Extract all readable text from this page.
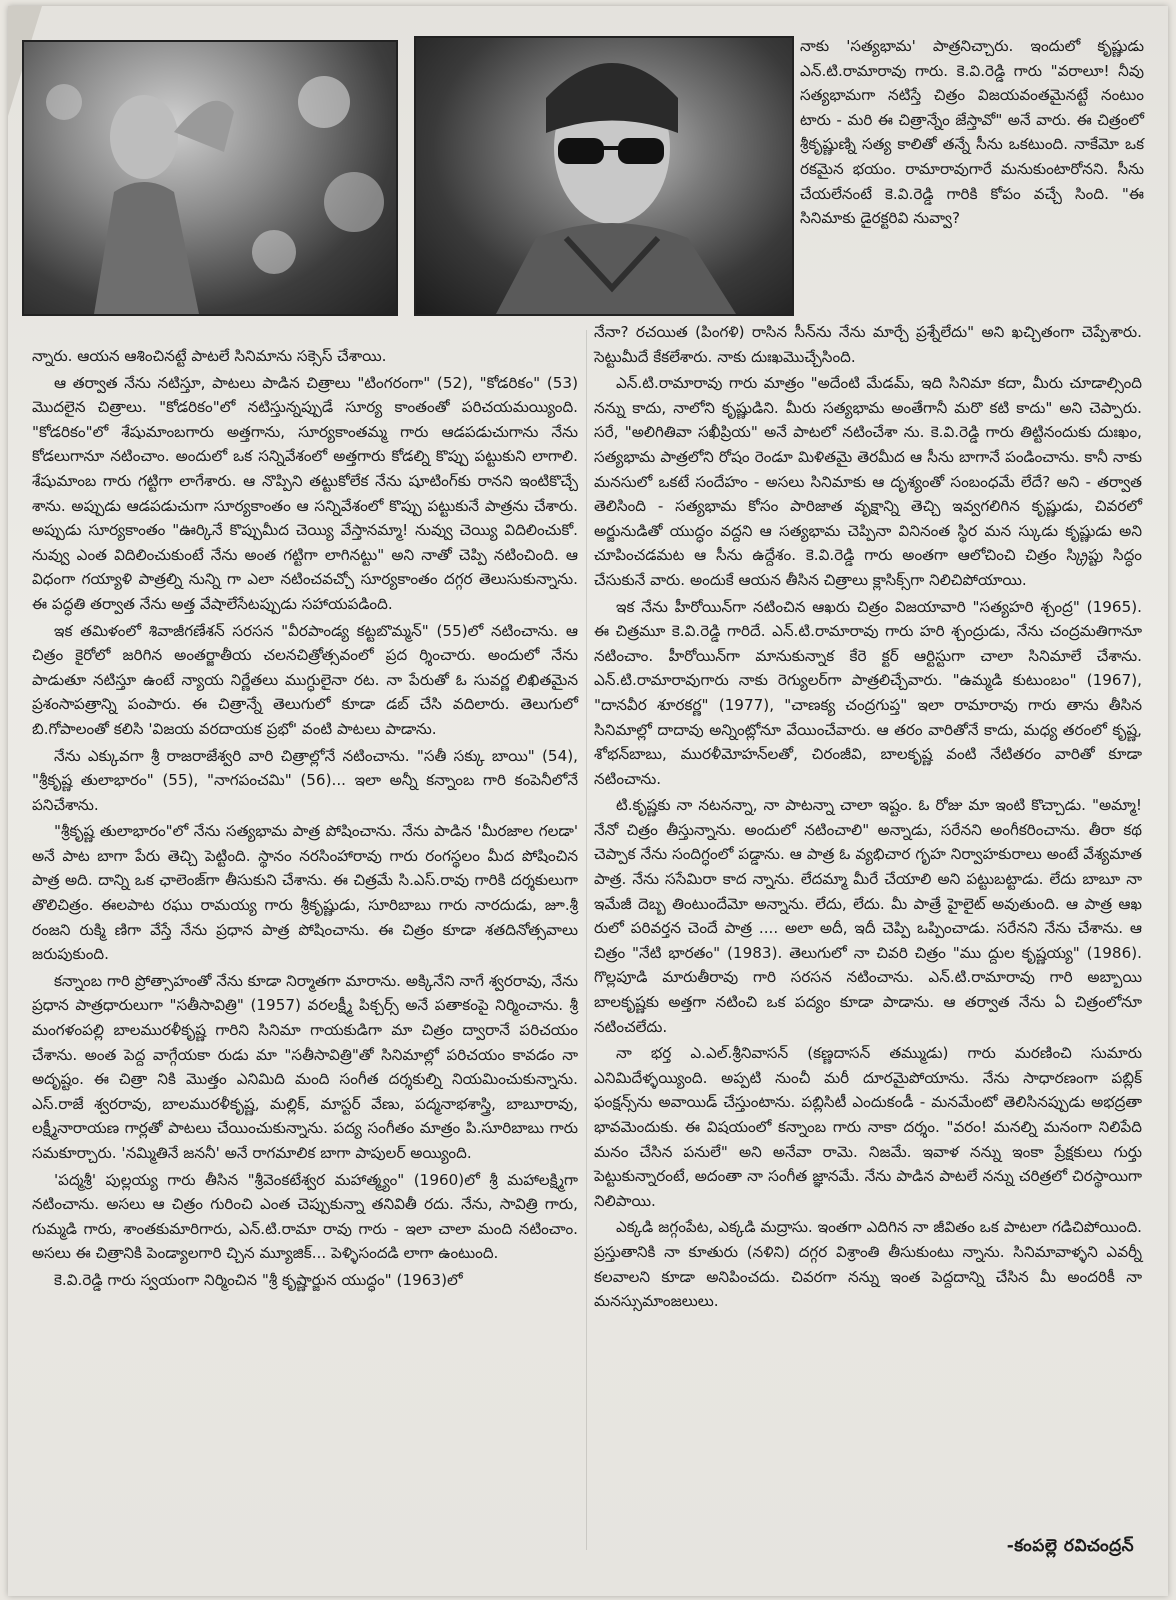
నాకు 'సత్యభామ' పాత్రనిచ్చారు. ఇందులో కృష్ణుడు ఎన్.టి.రామారావు గారు. కె.వి.రెడ్డి గారు "వరాలూ! నీవు సత్యభామగా నటిస్తే చిత్రం విజయవంతమైనట్టే నంటుం టారు - మరి ఈ చిత్రాన్నేం జేస్తావో" అనే వారు. ఈ చిత్రంలో శ్రీకృష్ణుణ్ని సత్య కాలితో తన్నే సీను ఒకటుంది. నాకేమో ఒక రకమైన భయం. రామారావుగారే మనుకుంటారోనని. సీను చేయలేనంటే కె.వి.రెడ్డి గారికి కోపం వచ్చే సింది. "ఈ సినిమాకు డైరక్టరివి నువ్వా?

న్నారు. ఆయన ఆశించినట్టే పాటలే సినిమాను సక్సెస్ చేశాయి.

ఆ తర్వాత నేను నటిస్తూ, పాటలు పాడిన చిత్రాలు "టింగరంగా" (52), "కోడరికం" (53) మొదలైన చిత్రాలు. "కోడరికం"లో నటిస్తున్నప్పుడే సూర్య కాంతంతో పరిచయమయ్యింది. "కోడరికం"లో శేషుమాంబగారు అత్తగాను, సూర్యకాంతమ్మ గారు ఆడపడుచుగాను నేను కోడలుగానూ నటించాం. అందులో ఒక సన్నివేశంలో అత్తగారు కోడల్ని కొప్పు పట్టుకుని లాగాలి. శేషుమాంబ గారు గట్టిగా లాగేశారు. ఆ నొప్పిని తట్టుకోలేక నేను షూటింగ్‌కు రానని ఇంటికొచ్చే శాను. అప్పుడు ఆడపడుచుగా సూర్యకాంతం ఆ సన్నివేశంలో కొప్పు పట్టుకునే పాత్రను చేశారు. అప్పుడు సూర్యకాంతం "ఊర్కినే కొప్పుమీద చెయ్యి వేస్తానమ్మా! నువ్వు చెయ్యి విదిలించుకో. నువ్వు ఎంత విదిలించుకుంటే నేను అంత గట్టిగా లాగినట్టు" అని నాతో చెప్పి నటించింది. ఆ విధంగా గయ్యాళి పాత్రల్ని నున్ని గా ఎలా నటించవచ్చో సూర్యకాంతం దగ్గర తెలుసుకున్నాను. ఈ పద్ధతి తర్వాత నేను అత్త వేషాలేసేటప్పుడు సహాయపడింది.

ఇక తమిళంలో శివాజీగణేశన్ సరసన "వీరపాండ్య కట్టబొమ్మన్" (55)లో నటించాను. ఆ చిత్రం కైరోలో జరిగిన అంతర్జాతీయ చలనచిత్రోత్సవంలో ప్రద ర్శించారు. అందులో నేను పాడుతూ నటిస్తూ ఉంటే న్యాయ నిర్ణేతలు ముగ్ధులైనా రట. నా పేరుతో ఓ సువర్ణ లిఖితమైన ప్రశంసాపత్రాన్ని పంపారు. ఈ చిత్రాన్నే తెలుగులో కూడా డబ్ చేసి వదిలారు. తెలుగులో బి.గోపాలంతో కలిసి 'విజయ వరదాయక ప్రభో' వంటి పాటలు పాడాను.

నేను ఎక్కువగా శ్రీ రాజరాజేశ్వరి వారి చిత్రాల్లోనే నటించాను. "సతీ సక్కు బాయి" (54), "శ్రీకృష్ణ తులాభారం" (55), "నాగపంచమి" (56)... ఇలా అన్నీ కన్నాంబ గారి కంపెనీలోనే పనిచేశాను.

"శ్రీకృష్ణ తులాభారం"లో నేను సత్యభామ పాత్ర పోషించాను. నేను పాడిన 'మీరజాల గలడా' అనే పాట బాగా పేరు తెచ్చి పెట్టింది. స్థానం నరసింహారావు గారు రంగస్థలం మీద పోషించిన పాత్ర అది. దాన్ని ఒక ఛాలెంజ్‌గా తీసుకుని చేశాను. ఈ చిత్రమే సి.ఎస్.రావు గారికి దర్శకులుగా తొలిచిత్రం. ఈలపాట రఘు రామయ్య గారు శ్రీకృష్ణుడు, సూరిబాబు గారు నారదుడు, జూ.శ్రీ రంజని రుక్మి ణిగా వేస్తే నేను ప్రధాన పాత్ర పోషించాను. ఈ చిత్రం కూడా శతదినోత్సవాలు జరుపుకుంది.

కన్నాంబ గారి ప్రోత్సాహంతో నేను కూడా నిర్మాతగా మారాను. అక్కినేని నాగే శ్వరరావు, నేను ప్రధాన పాత్రధారులుగా "సతీసావిత్రి" (1957) వరలక్ష్మీ పిక్చర్స్ అనే పతాకంపై నిర్మించాను. శ్రీ మంగళంపల్లి బాలమురళీకృష్ణ గారిని సినిమా గాయకుడిగా మా చిత్రం ద్వారానే పరిచయం చేశాను. అంత పెద్ద వాగ్గేయకా రుడు మా "సతీసావిత్రి"తో సినిమాల్లో పరిచయం కావడం నా అదృష్టం. ఈ చిత్రా నికి మొత్తం ఎనిమిది మంది సంగీత దర్శకుల్ని నియమించుకున్నాను. ఎస్.రాజే శ్వరరావు, బాలమురళీకృష్ణ, మల్లిక్, మాస్టర్ వేణు, పద్మనాభశాస్త్రి, బాబూరావు, లక్ష్మీనారాయణ గార్లతో పాటలు చేయించుకున్నాను. పద్య సంగీతం మాత్రం పి.సూరిబాబు గారు సమకూర్చారు. 'నమ్మితినే జననీ' అనే రాగమాలిక బాగా పాపులర్ అయ్యింది.

'పద్మశ్రీ' పుల్లయ్య గారు తీసిన "శ్రీవెంకటేశ్వర మహాత్మ్యం" (1960)లో శ్రీ మహాలక్ష్మిగా నటించాను. అసలు ఆ చిత్రం గురించి ఎంత చెప్పుకున్నా తనివితీ రదు. నేను, సావిత్రి గారు, గుమ్మడి గారు, శాంతకుమారిగారు, ఎన్.టి.రామా రావు గారు - ఇలా చాలా మంది నటించాం. అసలు ఈ చిత్రానికి పెండ్యాలగారి చ్చిన మ్యూజిక్... పెళ్ళిసందడి లాగా ఉంటుంది.

కె.వి.రెడ్డి గారు స్వయంగా నిర్మించిన "శ్రీ కృష్ణార్జున యుద్ధం" (1963)లో

నేనా? రచయిత (పింగళి) రాసిన సీన్‌ను నేను మార్చే ప్రశ్నేలేదు" అని ఖచ్చితంగా చెప్పేశారు. సెట్టుమీదే కేకలేశారు. నాకు దుఃఖమొచ్చేసింది.

ఎన్.టి.రామారావు గారు మాత్రం "అదేంటి మేడమ్, ఇది సినిమా కదా, మీరు చూడాల్సింది నన్ను కాదు, నాలోని కృష్ణుడిని. మీరు సత్యభామ అంతేగానీ మరొ కటి కాదు" అని చెప్పారు. సరే, "అలిగితివా సఖీప్రియ" అనే పాటలో నటించేశా ను. కె.వి.రెడ్డి గారు తిట్టినందుకు దుఃఖం, సత్యభామ పాత్రలోని రోషం రెండూ మిళితమై తెరమీద ఆ సీను బాగానే పండించాను. కానీ నాకు మనసులో ఒకటే సందేహం - అసలు సినిమాకు ఆ దృశ్యంతో సంబంధమే లేదే? అని - తర్వాత తెలిసింది - సత్యభామ కోసం పారిజాత వృక్షాన్ని తెచ్చి ఇవ్వగలిగిన కృష్ణుడు, చివరలో అర్జునుడితో యుద్ధం వద్దని ఆ సత్యభామ చెప్పినా వినినంత స్థిర మన స్కుడు కృష్ణుడు అని చూపించడమట ఆ సీను ఉద్దేశం. కె.వి.రెడ్డి గారు అంతగా ఆలోచించి చిత్రం స్క్రిప్టు సిద్ధం చేసుకునే వారు. అందుకే ఆయన తీసిన చిత్రాలు క్లాసిక్స్‌గా నిలిచిపోయాయి.

ఇక నేను హీరోయిన్‌గా నటించిన ఆఖరు చిత్రం విజయావారి "సత్యహరి శ్చంద్ర" (1965). ఈ చిత్రమూ కె.వి.రెడ్డి గారిదే. ఎన్.టి.రామారావు గారు హరి శ్చంద్రుడు, నేను చంద్రమతిగానూ నటించాం. హీరోయిన్‌గా మానుకున్నాక కేరె క్టర్ ఆర్టిస్టుగా చాలా సినిమాలే చేశాను. ఎన్.టి.రామారావుగారు నాకు రెగ్యులర్‌గా పాత్రలిచ్చేవారు. "ఉమ్మడి కుటుంబం" (1967), "దానవీర శూరకర్ణ" (1977), "చాణక్య చంద్రగుప్త" ఇలా రామారావు గారు తాను తీసిన సినిమాల్లో దాదావు అన్నింట్లోనూ వేయించేవారు. ఆ తరం వారితోనే కాదు, మధ్య తరంలో కృష్ణ, శోభన్‌బాబు, మురళీమోహన్‌లతో, చిరంజీవి, బాలకృష్ణ వంటి నేటితరం వారితో కూడా నటించాను.

టి.కృష్ణకు నా నటనన్నా, నా పాటన్నా చాలా ఇష్టం. ఓ రోజు మా ఇంటి కొచ్చాడు. "అమ్మా! నేనో చిత్రం తీస్తున్నాను. అందులో నటించాలి" అన్నాడు, సరేనని అంగీకరించాను. తీరా కథ చెప్పాక నేను సందిగ్ధంలో పడ్డాను. ఆ పాత్ర ఓ వ్యభిచార గృహ నిర్వాహకురాలు అంటే వేశ్యమాత పాత్ర. నేను ససేమిరా కాద న్నాను. లేదమ్మా మీరే చేయాలి అని పట్టుబట్టాడు. లేదు బాబూ నా ఇమేజీ దెబ్బ తింటుందేమో అన్నాను. లేదు, లేదు. మీ పాత్రే హైలైట్ అవుతుంది. ఆ పాత్ర ఆఖ రులో పరివర్తన చెందే పాత్ర .... అలా అదీ, ఇదీ చెప్పి ఒప్పించాడు. సరేనని నేను చేశాను. ఆ చిత్రం "నేటి భారతం" (1983). తెలుగులో నా చివరి చిత్రం "ము ద్దుల కృష్ణయ్య" (1986). గొల్లపూడి మారుతీరావు గారి సరసన నటించాను. ఎన్.టి.రామారావు గారి అబ్బాయి బాలకృష్ణకు అత్తగా నటించి ఒక పద్యం కూడా పాడాను. ఆ తర్వాత నేను ఏ చిత్రంలోనూ నటించలేదు.

నా భర్త ఎ.ఎల్.శ్రీనివాసన్ (కణ్ణదాసన్ తమ్ముడు) గారు మరణించి సుమారు ఎనిమిదేళ్ళయ్యింది. అప్పటి నుంచీ మరీ దూరమైపోయాను. నేను సాధారణంగా పబ్లిక్ ఫంక్షన్స్‌ను అవాయిడ్ చేస్తుంటాను. పబ్లిసిటీ ఎందుకండీ - మనమేంటో తెలిసినప్పుడు అభద్రతా భావమెందుకు. ఈ విషయంలో కన్నాంబ గారు నాకా దర్శం. "వరం! మనల్ని మనంగా నిలిపేది మనం చేసిన పనులే" అని అనేవా రామె. నిజమే. ఇవాళ నన్ను ఇంకా ప్రేక్షకులు గుర్తు పెట్టుకున్నారంటే, అదంతా నా సంగీత జ్ఞానమే. నేను పాడిన పాటలే నన్ను చరిత్రలో చిరస్థాయిగా నిలిపాయి.

ఎక్కడి జగ్గంపేట, ఎక్కడి మద్రాసు. ఇంతగా ఎదిగిన నా జీవితం ఒక పాటలా గడిచిపోయింది. ప్రస్తుతానికి నా కూతురు (నళిని) దగ్గర విశ్రాంతి తీసుకుంటు న్నాను. సినిమావాళ్ళని ఎవర్నీ కలవాలని కూడా అనిపించదు. చివరగా నన్ను ఇంత పెద్దదాన్ని చేసిన మీ అందరికీ నా మనస్సుమాంజలులు.

-కంపల్లె రవిచంద్రన్
